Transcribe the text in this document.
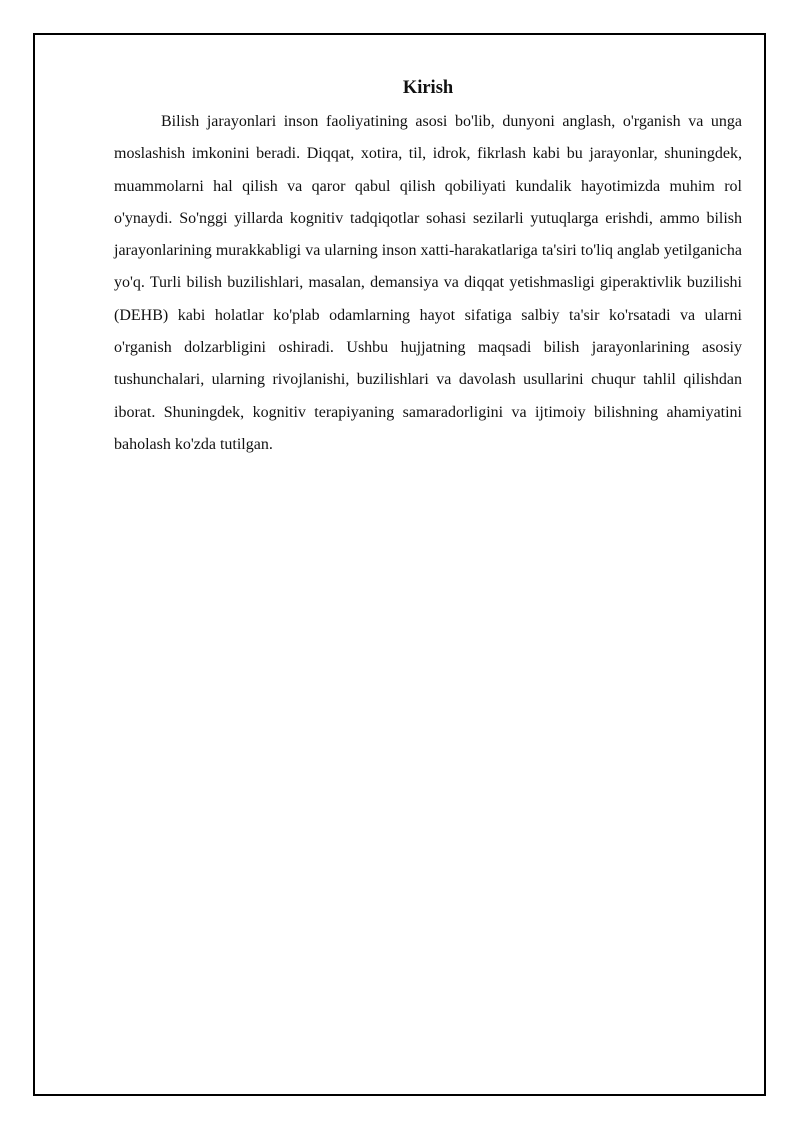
Kirish

Bilish jarayonlari inson faoliyatining asosi bo'lib, dunyoni anglash, o'rganish va unga moslashish imkonini beradi. Diqqat, xotira, til, idrok, fikrlash kabi bu jarayonlar, shuningdek, muammolarni hal qilish va qaror qabul qilish qobiliyati kundalik hayotimizda muhim rol o'ynaydi. So'nggi yillarda kognitiv tadqiqotlar sohasi sezilarli yutuqlarga erishdi, ammo bilish jarayonlarining murakkabligi va ularning inson xatti-harakatlariga ta'siri to'liq anglab yetilganicha yo'q. Turli bilish buzilishlari, masalan, demansiya va diqqat yetishmasligi giperaktivlik buzilishi (DEHB) kabi holatlar ko'plab odamlarning hayot sifatiga salbiy ta'sir ko'rsatadi va ularni o'rganish dolzarbligini oshiradi. Ushbu hujjatning maqsadi bilish jarayonlarining asosiy tushunchalari, ularning rivojlanishi, buzilishlari va davolash usullarini chuqur tahlil qilishdan iborat. Shuningdek, kognitiv terapiyaning samaradorligini va ijtimoiy bilishning ahamiyatini baholash ko'zda tutilgan.
